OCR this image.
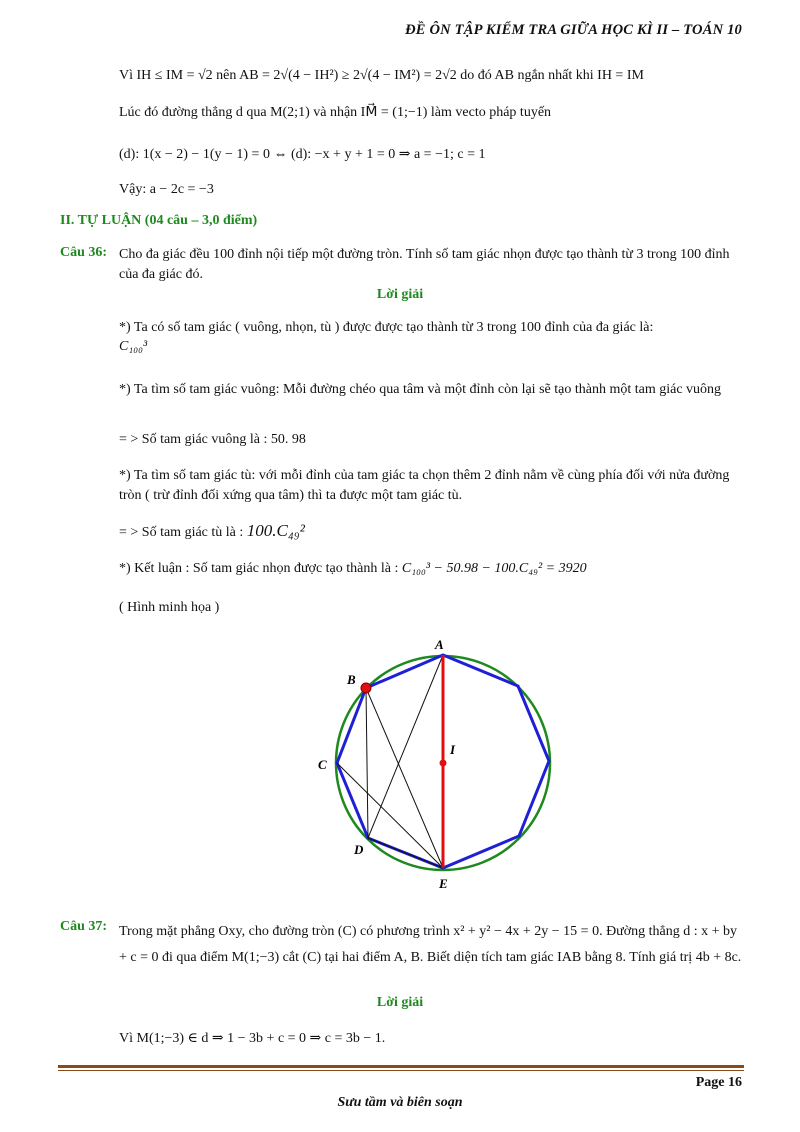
ĐỀ ÔN TẬP KIỂM TRA GIỮA HỌC KÌ II – TOÁN 10
Vì IH ≤ IM = √2 nên AB = 2√(4 − IH²) ≥ 2√(4 − IM²) = 2√2 do đó AB ngắn nhất khi IH = IM
Lúc đó đường thẳng d qua M(2;1) và nhận IM⃗ = (1;−1) làm vecto pháp tuyến
(d): 1(x − 2) − 1(y − 1) = 0 ⇔ (d): −x + y + 1 = 0 ⇒ a = −1; c = 1
Vậy: a − 2c = −3
II. TỰ LUẬN (04 câu – 3,0 điểm)
Câu 36: Cho đa giác đều 100 đỉnh nội tiếp một đường tròn. Tính số tam giác nhọn được tạo thành từ 3 trong 100 đỉnh của đa giác đó.
Lời giải
*) Ta có số tam giác ( vuông, nhọn, tù ) được được tạo thành từ 3 trong 100 đỉnh của đa giác là:
C₁₀₀³
*) Ta tìm số tam giác vuông: Mỗi đường chéo qua tâm và một đỉnh còn lại sẽ tạo thành một tam giác vuông
= > Số tam giác vuông là : 50. 98
*) Ta tìm số tam giác tù: với mỗi đỉnh của tam giác ta chọn thêm 2 đỉnh nằm về cùng phía đối với nửa đường tròn ( trừ đỉnh đối xứng qua tâm) thì ta được một tam giác tù.
= > Số tam giác tù là : 100.C₄₉²
*) Kết luận : Số tam giác nhọn được tạo thành là : C₁₀₀³ − 50.98 − 100.C₄₉² = 3920
( Hình minh họa )
A
B
C
D
E
I
Câu 37: Trong mặt phẳng Oxy, cho đường tròn (C) có phương trình x² + y² − 4x + 2y − 15 = 0. Đường thẳng d : x + by + c = 0 đi qua điểm M(1;−3) cắt (C) tại hai điểm A, B. Biết diện tích tam giác IAB bằng 8. Tính giá trị 4b + 8c.
Lời giải
Vì M(1;−3) ∈ d ⇒ 1 − 3b + c = 0 ⇒ c = 3b − 1.
Page 16
Sưu tầm và biên soạn
